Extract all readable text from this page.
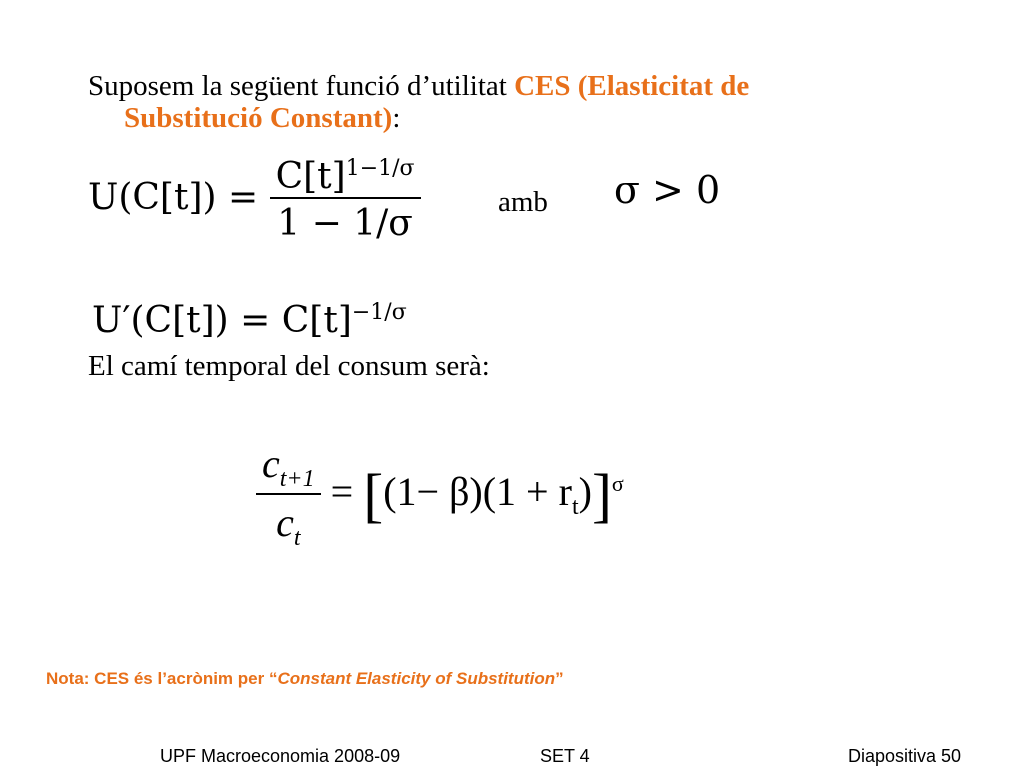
Suposem la següent funció d’utilitat CES (Elasticitat de
Substitució Constant):
$U(C[t]) = \frac{C[t]^{1-1/\sigma}}{1 - 1/\sigma}$	amb σ > 0
$U'(C[t]) = C[t]^{-1/\sigma}$
El camí temporal del consum serà:
$\frac{c_{t+1}}{c_t} = [(1- \beta)(1 + r_t)]^\sigma$
Nota: CES és l’acrònim per “Constant Elasticity of Substitution”
UPF Macroeconomia 2008-09	SET 4	Diapositiva 50
